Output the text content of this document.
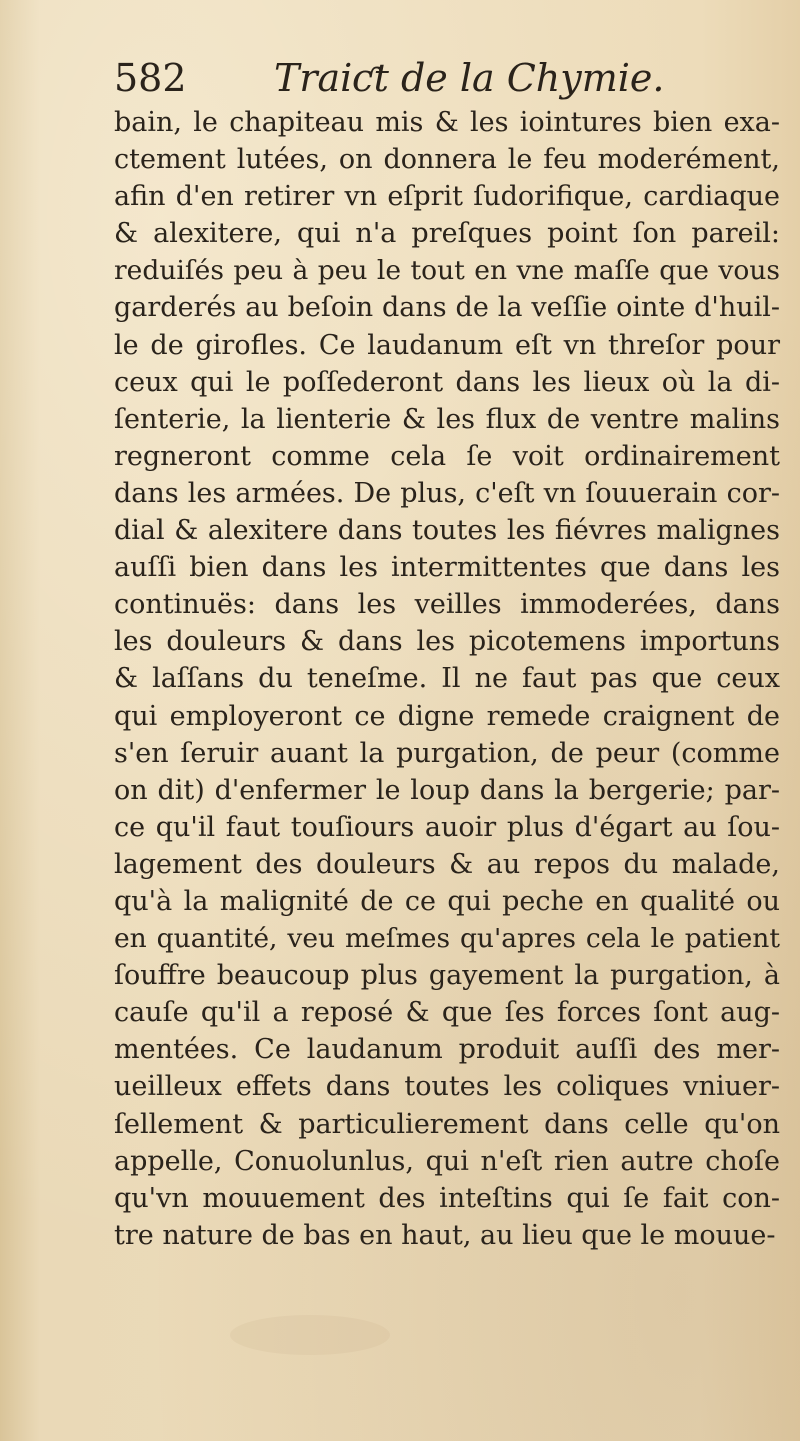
582 Traiƈt de la Chymie.
bain, le chapiteau mis & les iointures bien exa-
ctement lutées, on donnera le feu moderément,
afin d'en retirer vn eſprit ſudorifique, cardiaque
& alexitere, qui n'a preſques point ſon pareil:
reduiſés peu à peu le tout en vne maſſe que vous
garderés au beſoin dans de la veſſie ointe d'huil-
le de girofles. Ce laudanum eſt vn threſor pour
ceux qui le poſſederont dans les lieux où la di-
ſenterie, la lienterie & les flux de ventre malins
regneront comme cela ſe voit ordinairement
dans les armées. De plus, c'eſt vn ſouuerain cor-
dial & alexitere dans toutes les fiévres malignes
auſſi bien dans les intermittentes que dans les
continuës: dans les veilles immoderées, dans
les douleurs & dans les picotemens importuns
& laſſans du teneſme. Il ne faut pas que ceux
qui employeront ce digne remede craignent de
s'en ſeruir auant la purgation, de peur (comme
on dit) d'enfermer le loup dans la bergerie; par-
ce qu'il faut touſiours auoir plus d'égart au ſou-
lagement des douleurs & au repos du malade,
qu'à la malignité de ce qui peche en qualité ou
en quantité, veu meſmes qu'apres cela le patient
ſouffre beaucoup plus gayement la purgation, à
cauſe qu'il a reposé & que ſes forces ſont aug-
mentées. Ce laudanum produit auſſi des mer-
ueilleux effets dans toutes les coliques vniuer-
ſellement & particulierement dans celle qu'on
appelle, Conuolunlus, qui n'eſt rien autre choſe
qu'vn mouuement des inteſtins qui ſe fait con-
tre nature de bas en haut, au lieu que le mouue-
